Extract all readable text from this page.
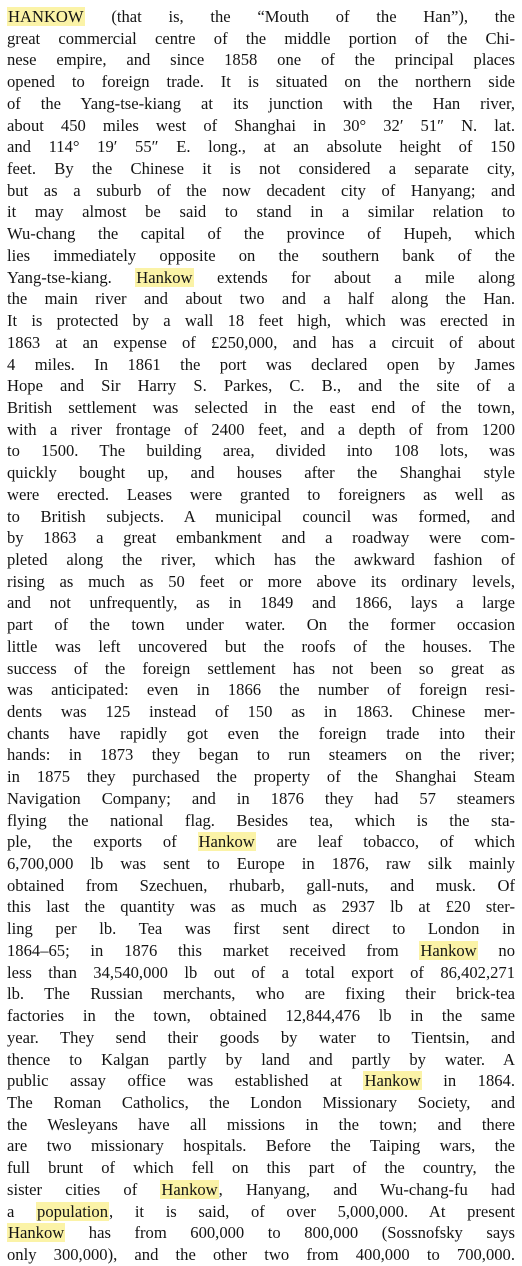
HANKOW (that is, the “Mouth of the Han”), the
great commercial centre of the middle portion of the Chi-
nese empire, and since 1858 one of the principal places
opened to foreign trade. It is situated on the northern side
of the Yang-tse-kiang at its junction with the Han river,
about 450 miles west of Shanghai in 30° 32′ 51″ N. lat.
and 114° 19′ 55″ E. long., at an absolute height of 150
feet. By the Chinese it is not considered a separate city,
but as a suburb of the now decadent city of Hanyang; and
it may almost be said to stand in a similar relation to
Wu-chang the capital of the province of Hupeh, which
lies immediately opposite on the southern bank of the
Yang-tse-kiang. Hankow extends for about a mile along
the main river and about two and a half along the Han.
It is protected by a wall 18 feet high, which was erected in
1863 at an expense of £250,000, and has a circuit of about
4 miles. In 1861 the port was declared open by James
Hope and Sir Harry S. Parkes, C. B., and the site of a
British settlement was selected in the east end of the town,
with a river frontage of 2400 feet, and a depth of from 1200
to 1500. The building area, divided into 108 lots, was
quickly bought up, and houses after the Shanghai style
were erected. Leases were granted to foreigners as well as
to British subjects. A municipal council was formed, and
by 1863 a great embankment and a roadway were com-
pleted along the river, which has the awkward fashion of
rising as much as 50 feet or more above its ordinary levels,
and not unfrequently, as in 1849 and 1866, lays a large
part of the town under water. On the former occasion
little was left uncovered but the roofs of the houses. The
success of the foreign settlement has not been so great as
was anticipated: even in 1866 the number of foreign resi-
dents was 125 instead of 150 as in 1863. Chinese mer-
chants have rapidly got even the foreign trade into their
hands: in 1873 they began to run steamers on the river;
in 1875 they purchased the property of the Shanghai Steam
Navigation Company; and in 1876 they had 57 steamers
flying the national flag. Besides tea, which is the sta-
ple, the exports of Hankow are leaf tobacco, of which
6,700,000 lb was sent to Europe in 1876, raw silk mainly
obtained from Szechuen, rhubarb, gall-nuts, and musk. Of
this last the quantity was as much as 2937 lb at £20 ster-
ling per lb. Tea was first sent direct to London in
1864–65; in 1876 this market received from Hankow no
less than 34,540,000 lb out of a total export of 86,402,271
lb. The Russian merchants, who are fixing their brick-tea
factories in the town, obtained 12,844,476 lb in the same
year. They send their goods by water to Tientsin, and
thence to Kalgan partly by land and partly by water. A
public assay office was established at Hankow in 1864.
The Roman Catholics, the London Missionary Society, and
the Wesleyans have all missions in the town; and there
are two missionary hospitals. Before the Taiping wars, the
full brunt of which fell on this part of the country, the
sister cities of Hankow, Hanyang, and Wu-chang-fu had
a population, it is said, of over 5,000,000. At present
Hankow has from 600,000 to 800,000 (Sossnofsky says
only 300,000), and the other two from 400,000 to 700,000.
